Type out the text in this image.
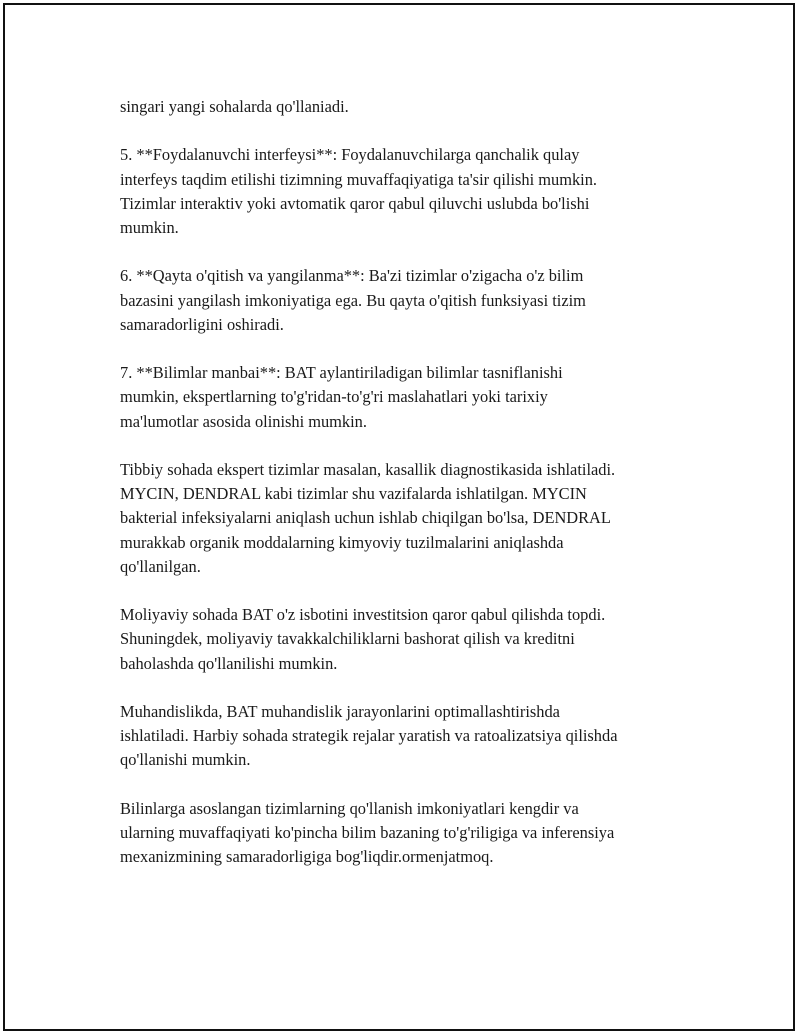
singari yangi sohalarda qo'llaniadi.

5. **Foydalanuvchi interfeysi**: Foydalanuvchilarga qanchalik qulay
interfeys taqdim etilishi tizimning muvaffaqiyatiga ta'sir qilishi mumkin.
Tizimlar interaktiv yoki avtomatik qaror qabul qiluvchi uslubda bo'lishi
mumkin.

6. **Qayta o'qitish va yangilanma**: Ba'zi tizimlar o'zigacha o'z bilim
bazasini yangilash imkoniyatiga ega. Bu qayta o'qitish funksiyasi tizim
samaradorligini oshiradi.

7. **Bilimlar manbai**: BAT aylantiriladigan bilimlar tasniflanishi
mumkin, ekspertlarning to'g'ridan-to'g'ri maslahatlari yoki tarixiy
ma'lumotlar asosida olinishi mumkin.

Tibbiy sohada ekspert tizimlar masalan, kasallik diagnostikasida ishlatiladi.
MYCIN, DENDRAL kabi tizimlar shu vazifalarda ishlatilgan. MYCIN
bakterial infeksiyalarni aniqlash uchun ishlab chiqilgan bo'lsa, DENDRAL
murakkab organik moddalarning kimyoviy tuzilmalarini aniqlashda
qo'llanilgan.

Moliyaviy sohada BAT o'z isbotini investitsion qaror qabul qilishda topdi.
Shuningdek, moliyaviy tavakkalchiliklarni bashorat qilish va kreditni
baholashda qo'llanilishi mumkin.

Muhandislikda, BAT muhandislik jarayonlarini optimallashtirishda
ishlatiladi. Harbiy sohada strategik rejalar yaratish va ratoalizatsiya qilishda
qo'llanishi mumkin.

Bilinlarga asoslangan tizimlarning qo'llanish imkoniyatlari kengdir va
ularning muvaffaqiyati ko'pincha bilim bazaning to'g'riligiga va inferensiya
mexanizmining samaradorligiga bog'liqdir.ormenjatmoq.
